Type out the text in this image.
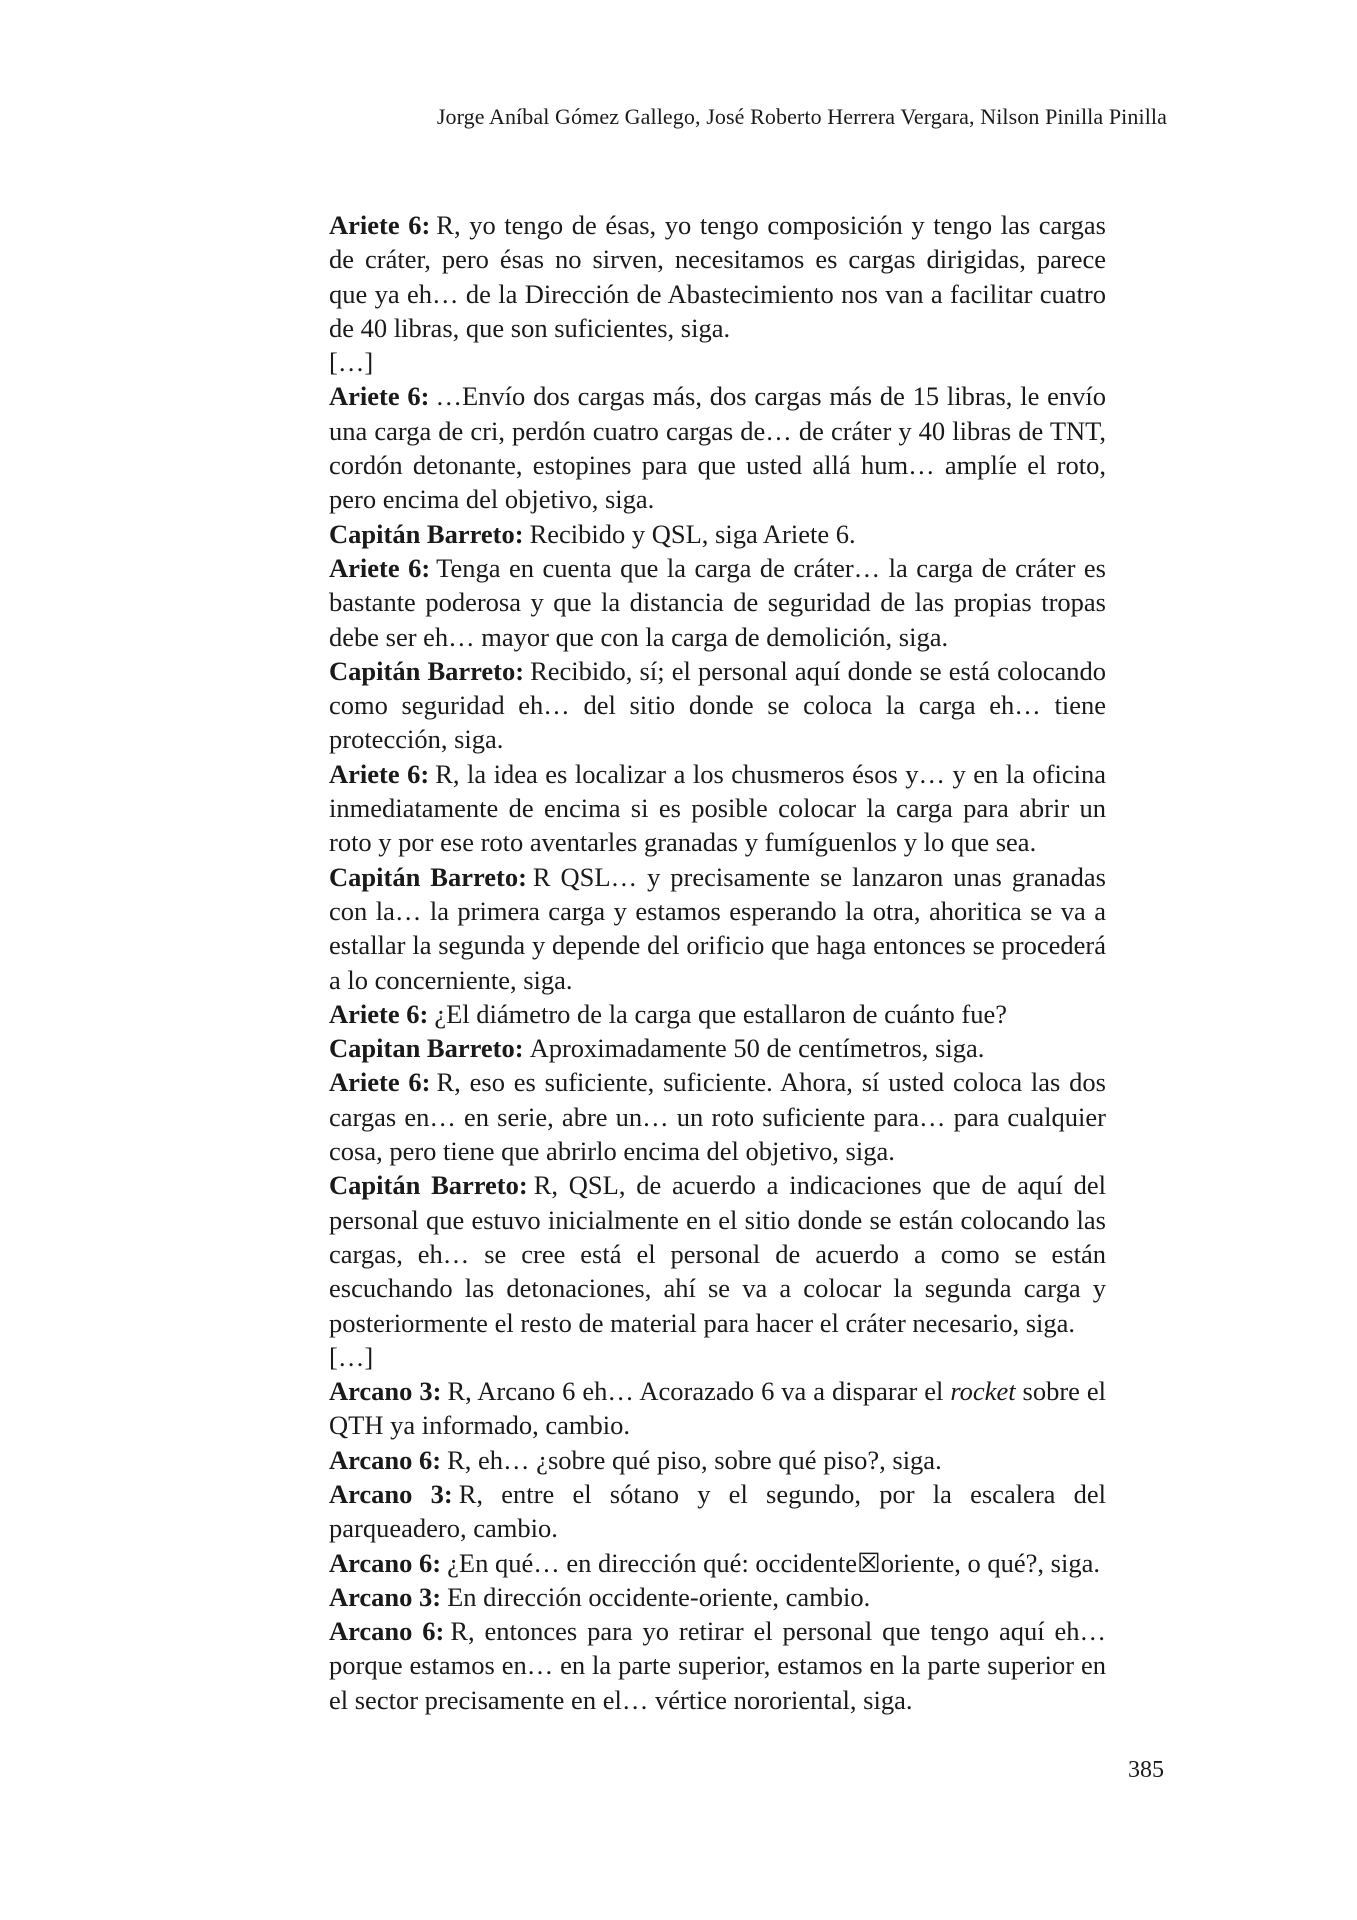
Jorge Aníbal Gómez Gallego, José Roberto Herrera Vergara, Nilson Pinilla Pinilla

Ariete 6: R, yo tengo de ésas, yo tengo composición y tengo las cargas de cráter, pero ésas no sirven, necesitamos es cargas dirigidas, parece que ya eh… de la Dirección de Abastecimiento nos van a facilitar cuatro de 40 libras, que son suficientes, siga.

[…]

Ariete 6: …Envío dos cargas más, dos cargas más de 15 libras, le envío una carga de cri, perdón cuatro cargas de… de cráter y 40 libras de TNT, cordón detonante, estopines para que usted allá hum… amplíe el roto, pero encima del objetivo, siga.

Capitán Barreto: Recibido y QSL, siga Ariete 6.

Ariete 6: Tenga en cuenta que la carga de cráter… la carga de cráter es bastante poderosa y que la distancia de seguridad de las propias tropas debe ser eh… mayor que con la carga de demolición, siga.

Capitán Barreto: Recibido, sí; el personal aquí donde se está colocando como seguridad eh… del sitio donde se coloca la carga eh… tiene protección, siga.

Ariete 6: R, la idea es localizar a los chusmeros ésos y… y en la oficina inmediatamente de encima si es posible colocar la carga para abrir un roto y por ese roto aventarles granadas y fumíguenlos y lo que sea.

Capitán Barreto: R QSL… y precisamente se lanzaron unas granadas con la… la primera carga y estamos esperando la otra, ahoritica se va a estallar la segunda y depende del orificio que haga entonces se procederá a lo concerniente, siga.

Ariete 6: ¿El diámetro de la carga que estallaron de cuánto fue?

Capitan Barreto: Aproximadamente 50 de centímetros, siga.

Ariete 6: R, eso es suficiente, suficiente. Ahora, sí usted coloca las dos cargas en… en serie, abre un… un roto suficiente para… para cualquier cosa, pero tiene que abrirlo encima del objetivo, siga.

Capitán Barreto: R, QSL, de acuerdo a indicaciones que de aquí del personal que estuvo inicialmente en el sitio donde se están colocando las cargas, eh… se cree está el personal de acuerdo a como se están escuchando las detonaciones, ahí se va a colocar la segunda carga y posteriormente el resto de material para hacer el cráter necesario, siga.

[…]

Arcano 3: R, Arcano 6 eh… Acorazado 6 va a disparar el rocket sobre el QTH ya informado, cambio.

Arcano 6: R, eh… ¿sobre qué piso, sobre qué piso?, siga.

Arcano 3: R, entre el sótano y el segundo, por la escalera del parqueadero, cambio.

Arcano 6: ¿En qué… en dirección qué: occidente☒oriente, o qué?, siga.

Arcano 3: En dirección occidente-oriente, cambio.

Arcano 6: R, entonces para yo retirar el personal que tengo aquí eh… porque estamos en… en la parte superior, estamos en la parte superior en el sector precisamente en el… vértice nororiental, siga.

385
